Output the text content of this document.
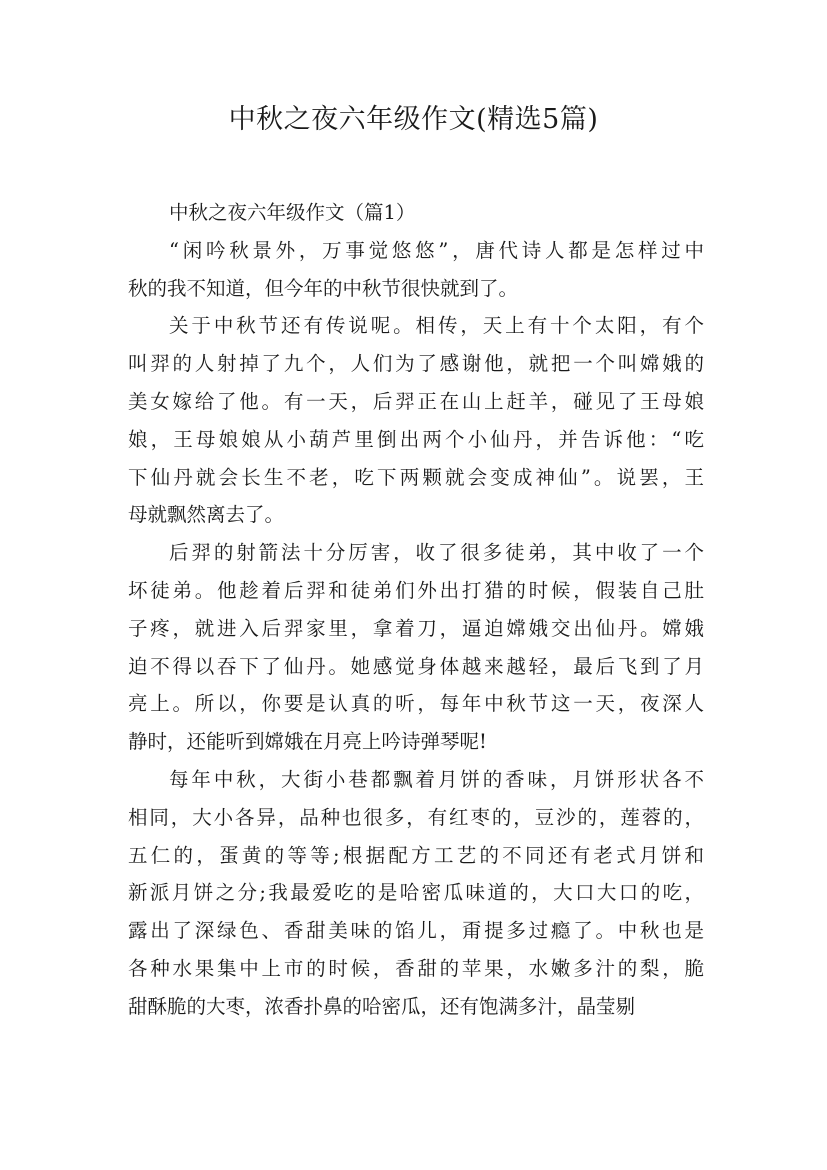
中秋之夜六年级作文(精选5篇)
中秋之夜六年级作文（篇1）
“闲吟秋景外，万事觉悠悠”，唐代诗人都是怎样过中
秋的我不知道，但今年的中秋节很快就到了。
关于中秋节还有传说呢。相传，天上有十个太阳，有个
叫羿的人射掉了九个，人们为了感谢他，就把一个叫嫦娥的
美女嫁给了他。有一天，后羿正在山上赶羊，碰见了王母娘
娘，王母娘娘从小葫芦里倒出两个小仙丹，并告诉他：“吃
下仙丹就会长生不老，吃下两颗就会变成神仙”。说罢，王
母就飘然离去了。
后羿的射箭法十分厉害，收了很多徒弟，其中收了一个
坏徒弟。他趁着后羿和徒弟们外出打猎的时候，假装自己肚
子疼，就进入后羿家里，拿着刀，逼迫嫦娥交出仙丹。嫦娥
迫不得以吞下了仙丹。她感觉身体越来越轻，最后飞到了月
亮上。所以，你要是认真的听，每年中秋节这一天，夜深人
静时，还能听到嫦娥在月亮上吟诗弹琴呢!
每年中秋，大街小巷都飘着月饼的香味，月饼形状各不
相同，大小各异，品种也很多，有红枣的，豆沙的，莲蓉的，
五仁的，蛋黄的等等;根据配方工艺的不同还有老式月饼和
新派月饼之分;我最爱吃的是哈密瓜味道的，大口大口的吃，
露出了深绿色、香甜美味的馅儿，甭提多过瘾了。中秋也是
各种水果集中上市的时候，香甜的苹果，水嫩多汁的梨，脆
甜酥脆的大枣，浓香扑鼻的哈密瓜，还有饱满多汁，晶莹剔
